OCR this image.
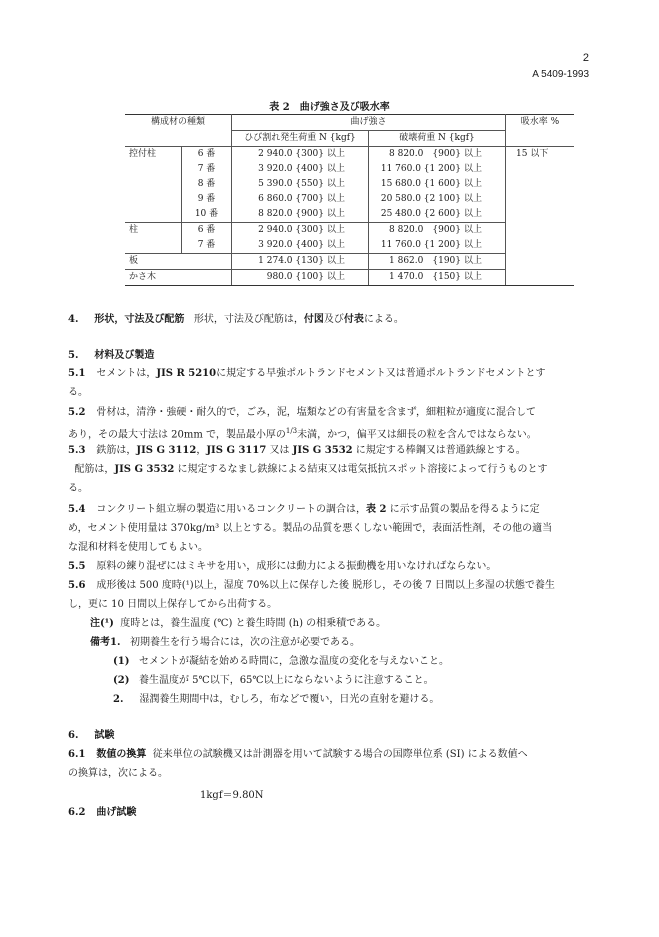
2
A 5409-1993
表 2　曲げ強さ及び吸水率
構成材の種類		曲げ強さ				吸水率 %
		ひび割れ発生荷重 N {kgf}		破壊荷重 N {kgf}		
控付柱	6 番	2 940.0 {300}	以上	8 820.0　{900}	以上	15 以下
	7 番	3 920.0 {400}	以上	11 760.0 {1 200}	以上	
	8 番	5 390.0 {550}	以上	15 680.0 {1 600}	以上	
	9 番	6 860.0 {700}	以上	20 580.0 {2 100}	以上	
	10 番	8 820.0 {900}	以上	25 480.0 {2 600}	以上	
柱	6 番	2 940.0 {300}	以上	8 820.0　{900}	以上	
	7 番	3 920.0 {400}	以上	11 760.0 {1 200}	以上	
板		1 274.0 {130}	以上	1 862.0　{190}	以上	
かさ木		980.0 {100}	以上	1 470.0　{150}	以上	
4. 形状，寸法及び配筋 形状，寸法及び配筋は，付図及び付表による。
5. 材料及び製造
5.1 セメントは，JIS R 5210に規定する早強ポルトランドセメント又は普通ポルトランドセメントとす
る。
5.2 骨材は，清浄・強硬・耐久的で，ごみ，泥，塩類などの有害量を含まず，細粗粒が適度に混合して
あり，その最大寸法は 20mm で，製品最小厚の$^{1/3}$未満，かつ，偏平又は細長の粒を含んではならない。
5.3 鉄筋は，JIS G 3112，JIS G 3117 又は JIS G 3532 に規定する棒鋼又は普通鉄線とする。
配筋は，JIS G 3532 に規定するなまし鉄線による結束又は電気抵抗スポット溶接によって行うものとす
る。
5.4 コンクリート組立塀の製造に用いるコンクリートの調合は，表 2 に示す品質の製品を得るように定
め，セメント使用量は 370kg/m³ 以上とする。製品の品質を悪くしない範囲で，表面活性剤，その他の適当
な混和材料を使用してもよい。
5.5 原料の練り混ぜにはミキサを用い，成形には動力による振動機を用いなければならない。
5.6 成形後は 500 度時(¹)以上，湿度 70%以上に保存した後 脱形し，その後 7 日間以上多湿の状態で養生
し，更に 10 日間以上保存してから出荷する。
注(¹) 度時とは，養生温度 (℃) と養生時間 (h) の相乗積である。
備考1. 初期養生を行う場合には，次の注意が必要である。
(1) セメントが凝結を始める時間に，急激な温度の変化を与えないこと。
(2) 養生温度が 5℃以下，65℃以上にならないように注意すること。
2. 湿潤養生期間中は，むしろ，布などで覆い，日光の直射を避ける。
6. 試験
6.1 数値の換算 従来単位の試験機又は計測器を用いて試験する場合の国際単位系 (SI) による数値へ
の換算は，次による。
1kgf＝9.80N
6.2 曲げ試験
